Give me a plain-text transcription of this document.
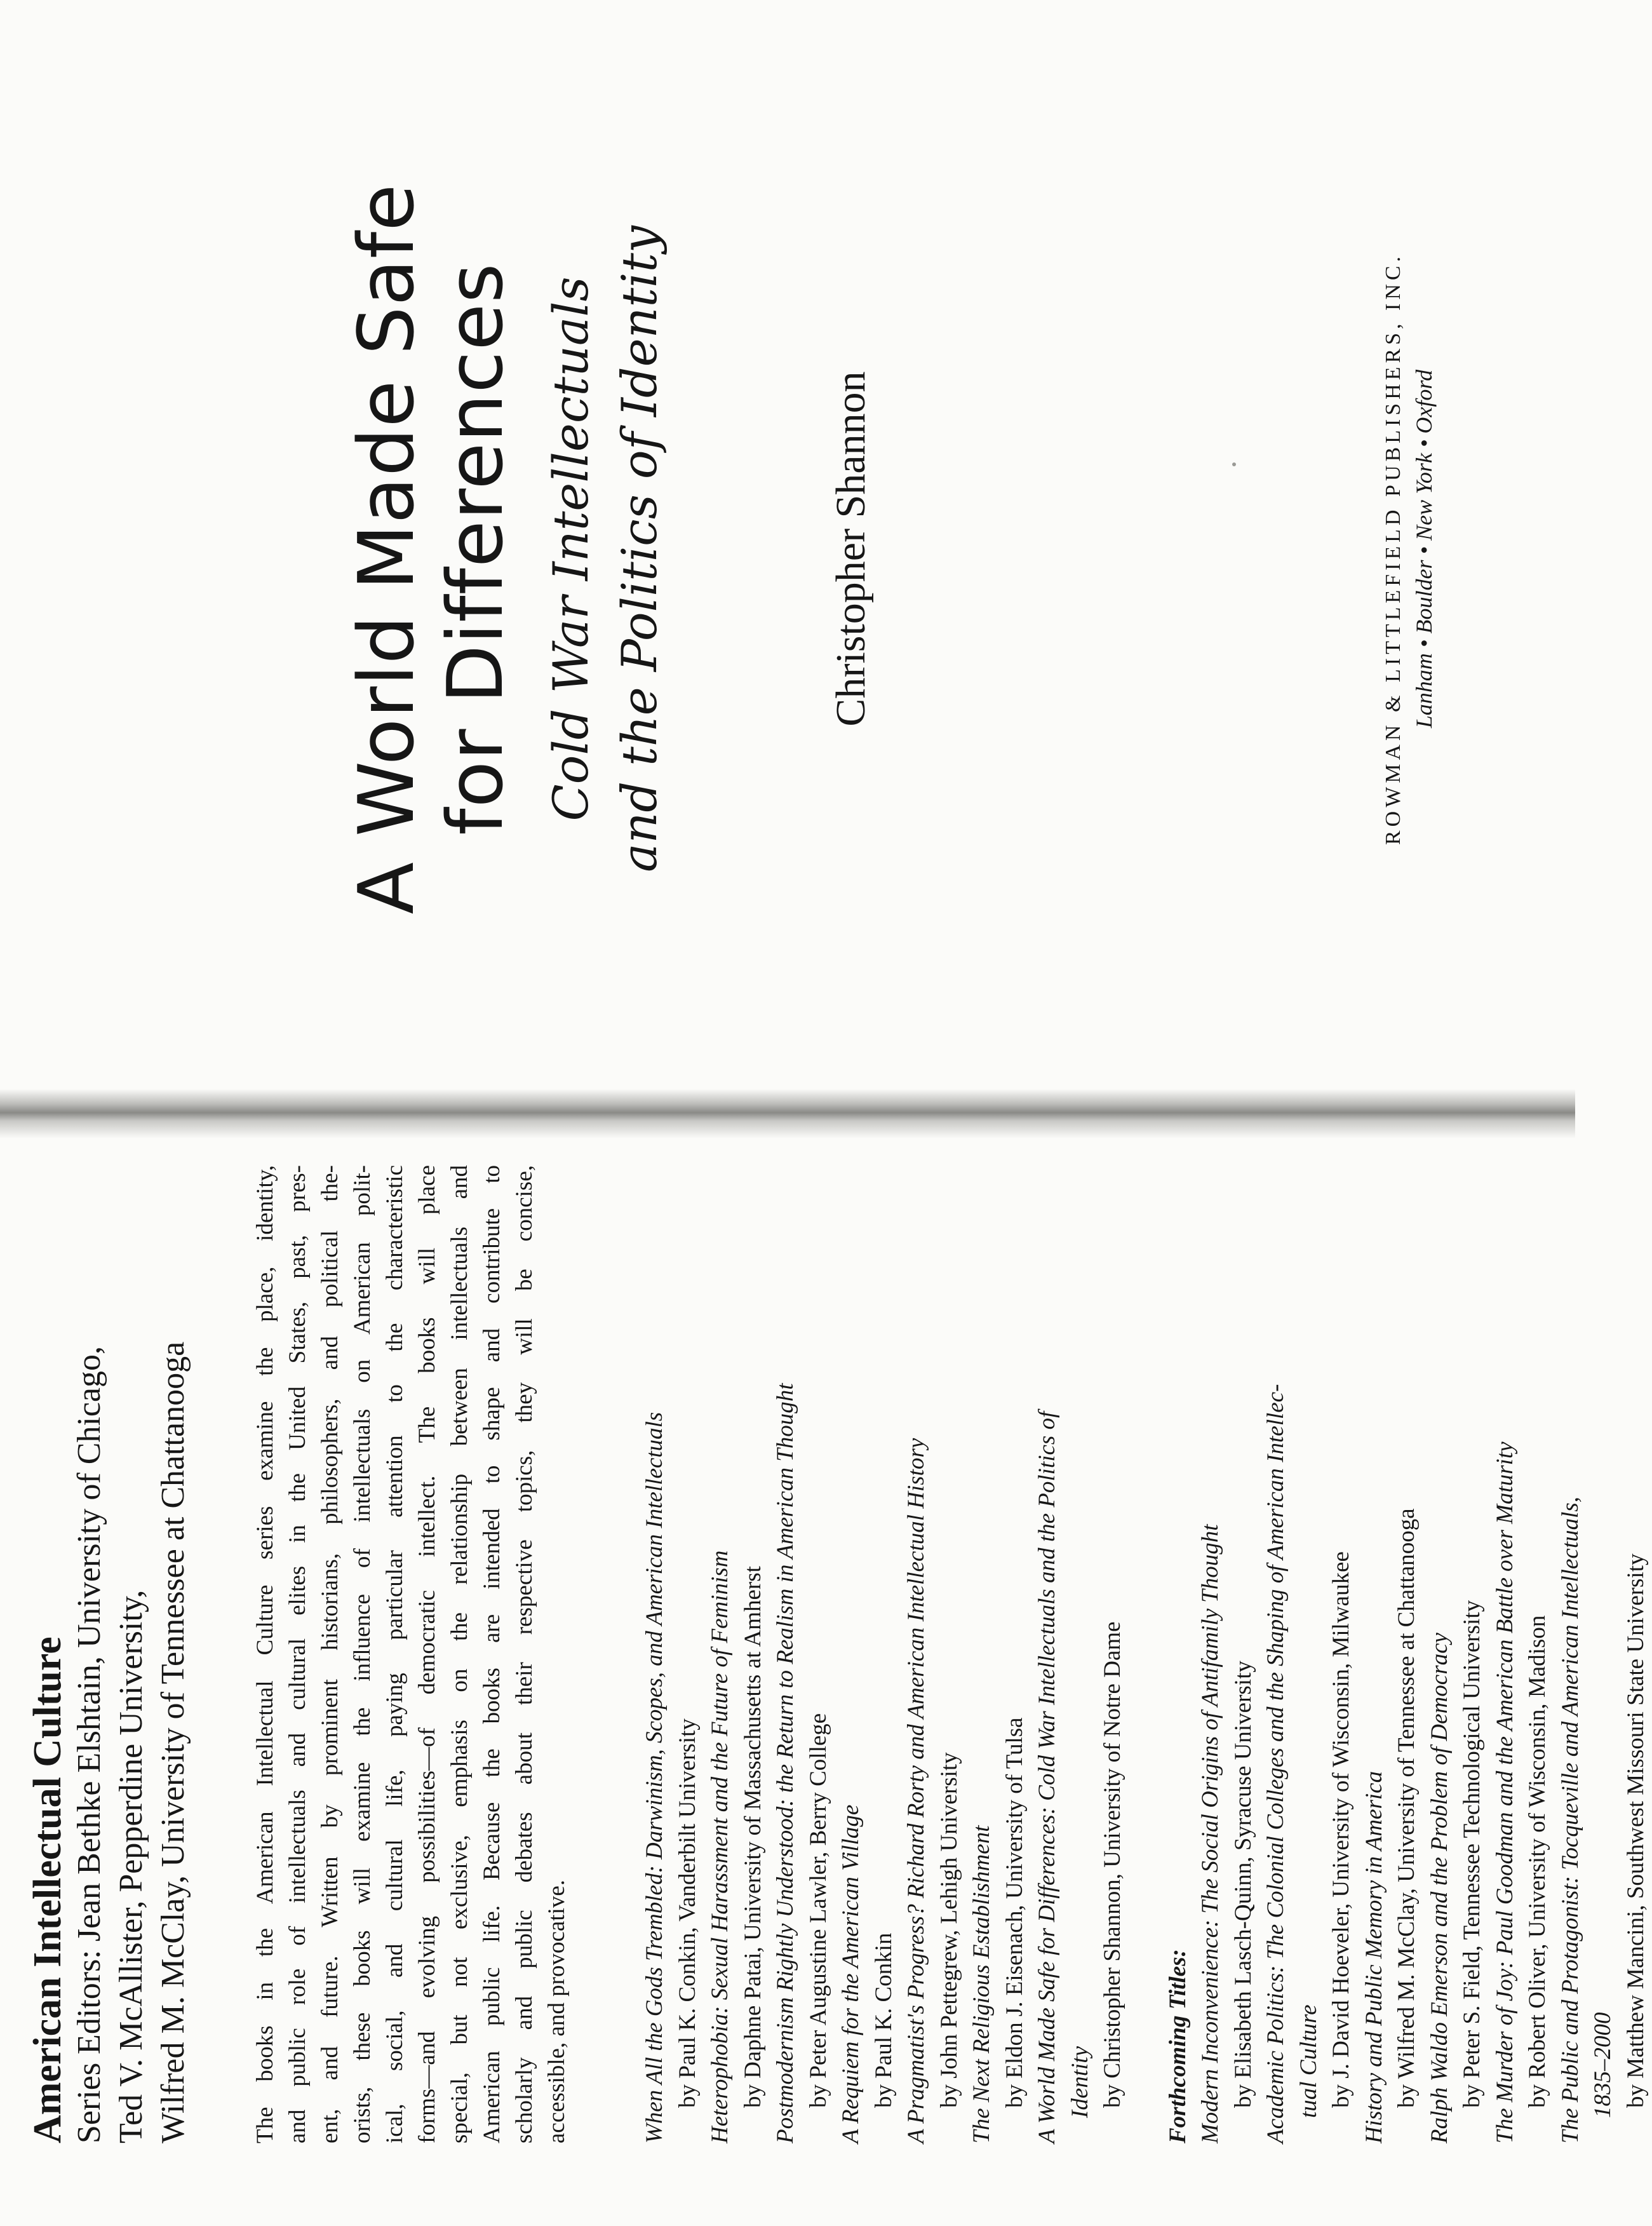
American Intellectual Culture Series Editors: Jean Bethke Elshtain, University of Chicago, Ted V. McAllister, Pepperdine University, Wilfred M. McClay, University of Tennessee at Chattanooga	The books in the American Intellectual Culture series examine the place, identity, and public role of intellectuals and cultural elites in the United States, past, pres- ent, and future. Written by prominent historians, philosophers, and political the- orists, these books will examine the influence of intellectuals on American polit- ical, social, and cultural life, paying particular attention to the characteristic forms—and evolving possibilities—of democratic intellect. The books will place special, but not exclusive, emphasis on the relationship between intellectuals and American public life. Because the books are intended to shape and contribute to scholarly and public debates about their respective topics, they will be concise, accessible, and provocative.	When All the Gods Trembled: Darwinism, Scopes, and American Intellectuals by Paul K. Conkin, Vanderbilt University Heterophobia: Sexual Harassment and the Future of Feminism by Daphne Patai, University of Massachusetts at Amherst Postmodernism Rightly Understood: the Return to Realism in American Thought by Peter Augustine Lawler, Berry College A Requiem for the American Village by Paul K. Conkin A Pragmatist's Progress? Richard Rorty and American Intellectual History by John Pettegrew, Lehigh University The Next Religious Establishment by Eldon J. Eisenach, University of Tulsa A World Made Safe for Differences: Cold War Intellectuals and the Politics of Identity by Christopher Shannon, University of Notre Dame Forthcoming Titles: Modern Inconvenience: The Social Origins of Antifamily Thought by Elisabeth Lasch-Quinn, Syracuse University Academic Politics: The Colonial Colleges and the Shaping of American Intellec- tual Culture by J. David Hoeveler, University of Wisconsin, Milwaukee History and Public Memory in America by Wilfred M. McClay, University of Tennessee at Chattanooga Ralph Waldo Emerson and the Problem of Democracy by Peter S. Field, Tennessee Technological University The Murder of Joy: Paul Goodman and the American Battle over Maturity by Robert Oliver, University of Wisconsin, Madison The Public and Protagonist: Tocqueville and American Intellectuals, 1835–2000 by Matthew Mancini, Southwest Missouri State University
A World Made Safe for Differences Cold War Intellectuals and the Politics of Identity	Christopher Shannon	ROWMAN & LITTLEFIELD PUBLISHERS, INC. Lanham • Boulder • New York • Oxford
